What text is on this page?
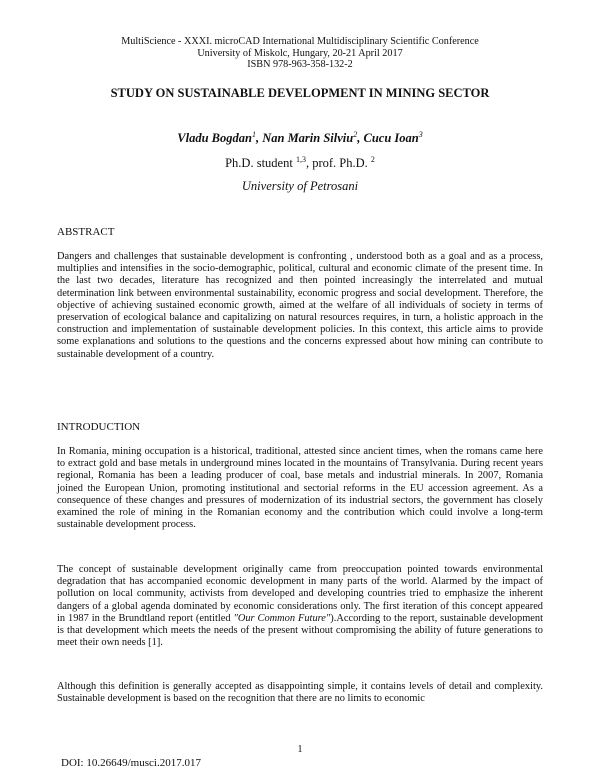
MultiScience - XXXI. microCAD International Multidisciplinary Scientific Conference
University of Miskolc, Hungary, 20-21 April 2017
ISBN 978-963-358-132-2
STUDY ON SUSTAINABLE DEVELOPMENT IN MINING SECTOR
Vladu Bogdan$^1$, Nan Marin Silviu$^2$, Cucu Ioan$^3$
Ph.D. student $^{1,3}$, prof. Ph.D. $^2$
University of Petrosani
ABSTRACT
Dangers and challenges that sustainable development is confronting , understood both as a goal and as a process, multiplies and intensifies in the socio-demographic, political, cultural and economic climate of the present time. In the last two decades, literature has recognized and then pointed increasingly the interrelated and mutual determination link between environmental sustainability, economic progress and social development. Therefore, the objective of achieving sustained economic growth, aimed at the welfare of all individuals of society in terms of preservation of ecological balance and capitalizing on natural resources requires, in turn, a holistic approach in the construction and implementation of sustainable development policies. In this context, this article aims to provide some explanations and solutions to the questions and the concerns expressed about how mining can contribute to sustainable development of a country.
INTRODUCTION
In Romania, mining occupation is a historical, traditional, attested since ancient times, when the romans came here to extract gold and base metals in underground mines located in the mountains of Transylvania. During recent years regional, Romania has been a leading producer of coal, base metals and industrial minerals. In 2007, Romania joined the European Union, promoting institutional and sectorial reforms in the EU accession agreement. As a consequence of these changes and pressures of modernization of its industrial sectors, the government has closely examined the role of mining in the Romanian economy and the contribution which could involve a long-term sustainable development process.
The concept of sustainable development originally came from preoccupation pointed towards environmental degradation that has accompanied economic development in many parts of the world. Alarmed by the impact of pollution on local community, activists from developed and developing countries tried to emphasize the inherent dangers of a global agenda dominated by economic considerations only. The first iteration of this concept appeared in 1987 in the Brundtland report (entitled "Our Common Future").According to the report, sustainable development is that development which meets the needs of the present without compromising the ability of future generations to meet their own needs [1].
Although this definition is generally accepted as disappointing simple, it contains levels of detail and complexity. Sustainable development is based on the recognition that there are no limits to economic
1
DOI: 10.26649/musci.2017.017
